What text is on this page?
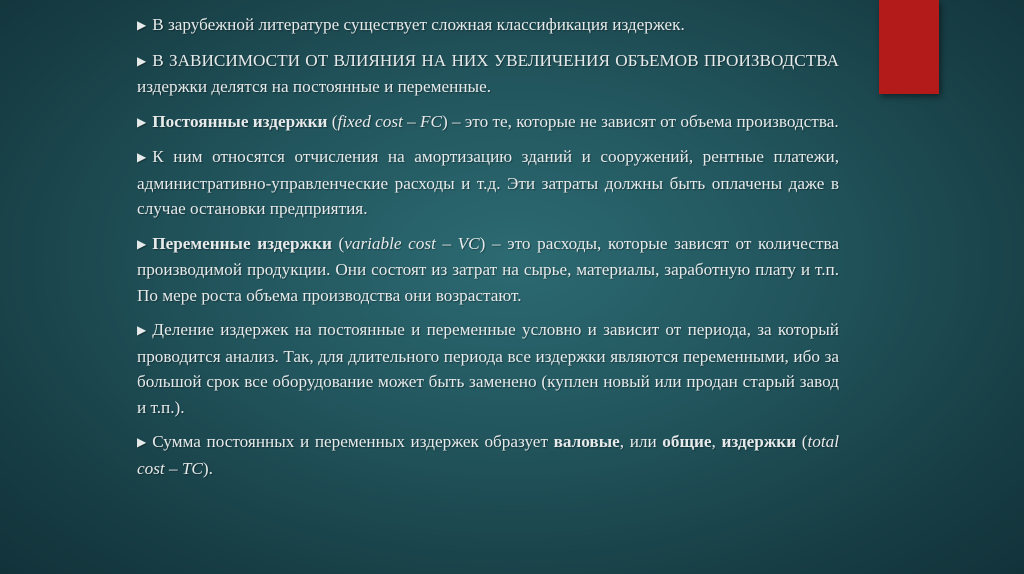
▶ В зарубежной литературе существует сложная классификация издержек.

▶ В ЗАВИСИМОСТИ ОТ ВЛИЯНИЯ НА НИХ УВЕЛИЧЕНИЯ ОБЪЕМОВ ПРОИЗВОДСТВА издержки делятся на постоянные и переменные.

▶ Постоянные издержки (fixed cost – FC) – это те, которые не зависят от объема производства.

▶ К ним относятся отчисления на амортизацию зданий и сооружений, рентные платежи, административно-управленческие расходы и т.д. Эти затраты должны быть оплачены даже в случае остановки предприятия.

▶ Переменные издержки (variable cost – VC) – это расходы, которые зависят от количества производимой продукции. Они состоят из затрат на сырье, материалы, заработную плату и т.п. По мере роста объема производства они возрастают.

▶ Деление издержек на постоянные и переменные условно и зависит от периода, за который проводится анализ. Так, для длительного периода все издержки являются переменными, ибо за большой срок все оборудование может быть заменено (куплен новый или продан старый завод и т.п.).

▶ Сумма постоянных и переменных издержек образует валовые, или общие, издержки (total cost – TC).
